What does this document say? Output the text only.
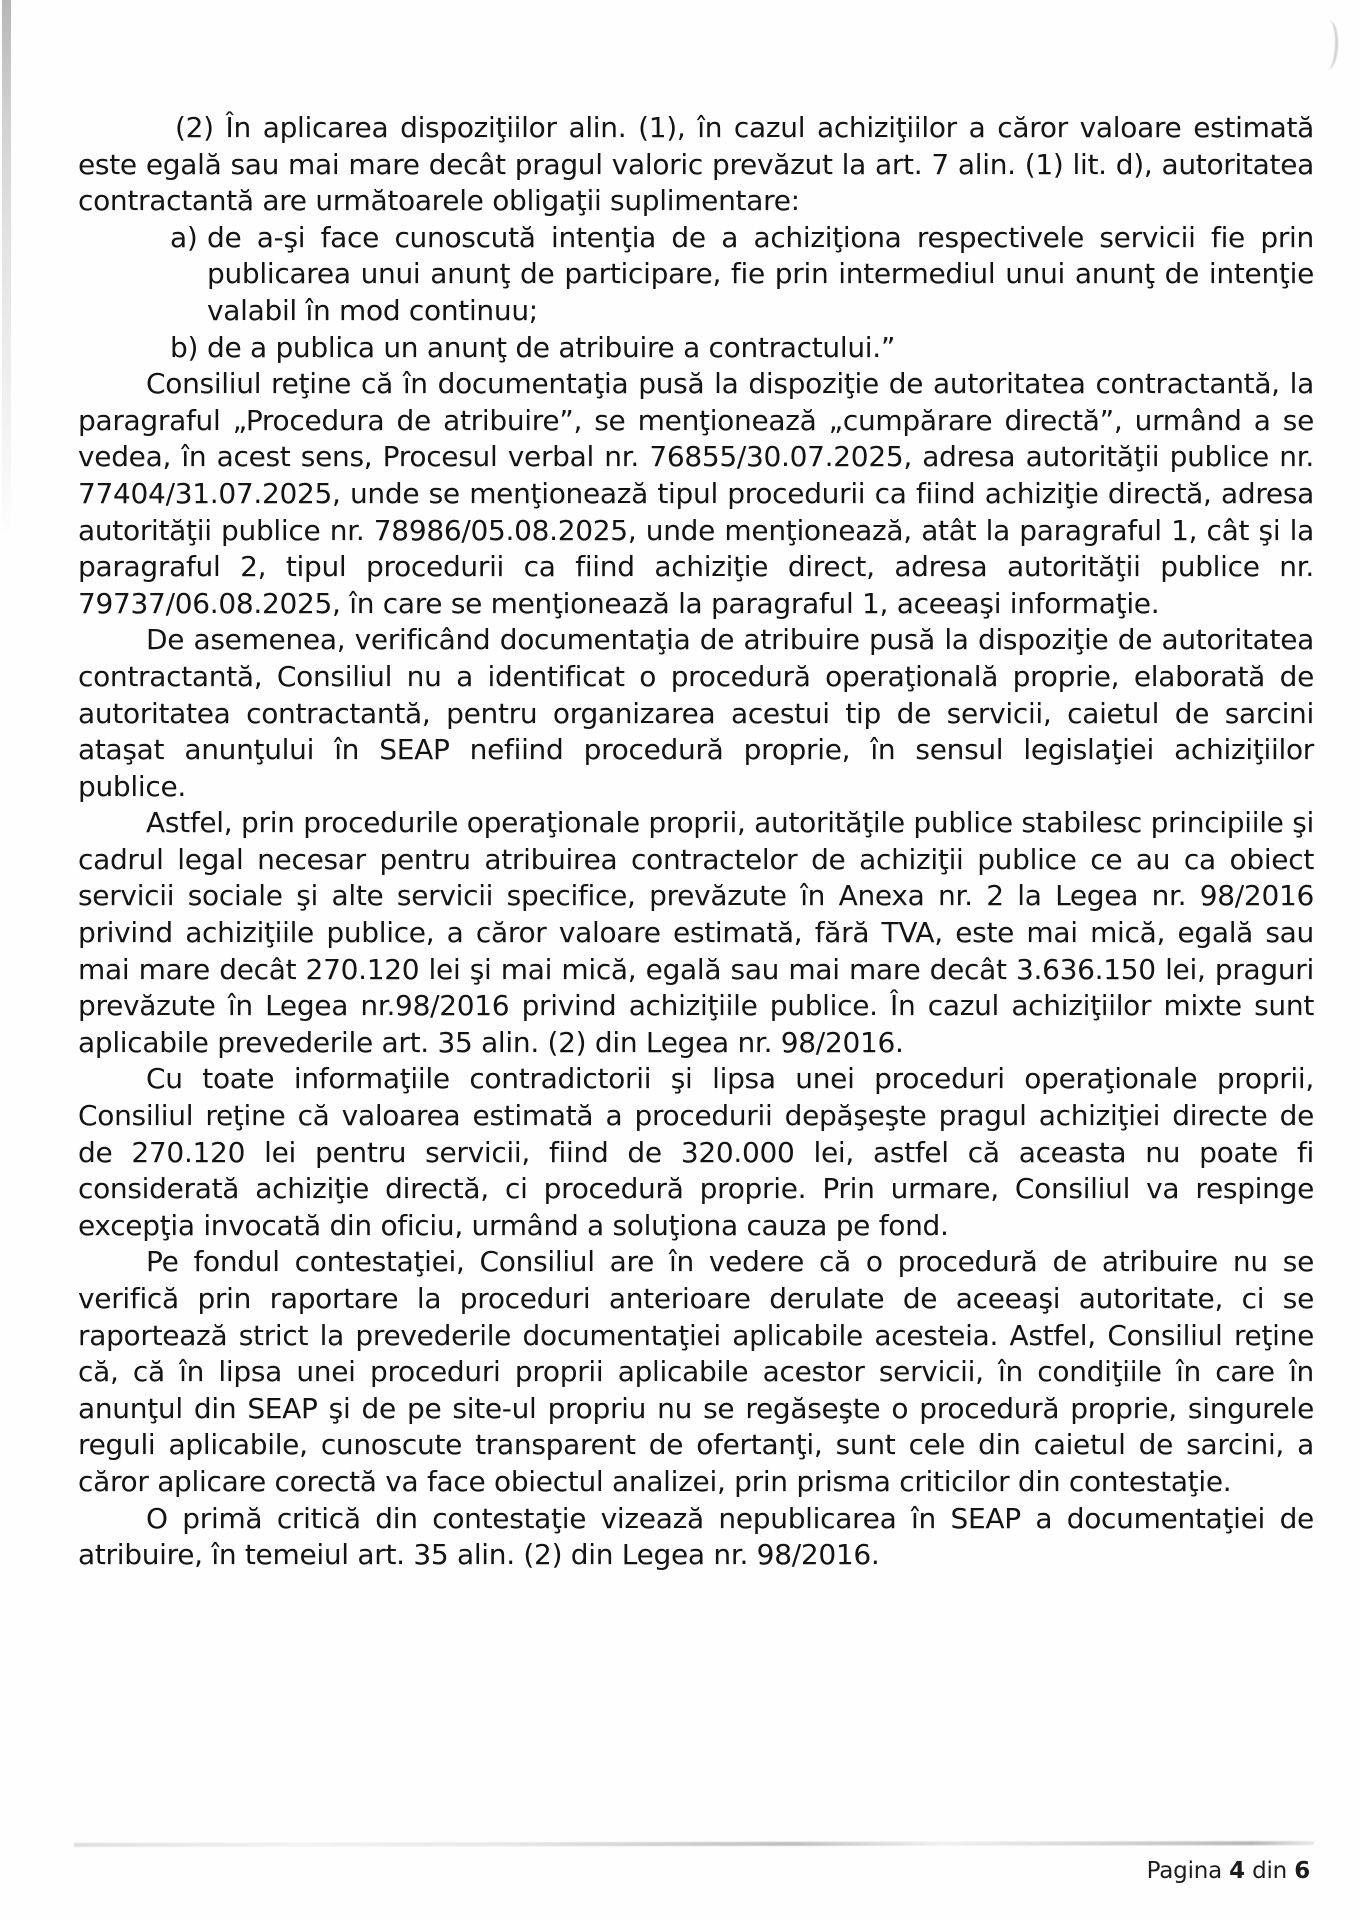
(2) În aplicarea dispoziţiilor alin. (1), în cazul achiziţiilor a căror valoare estimată este egală sau mai mare decât pragul valoric prevăzut la art. 7 alin. (1) lit. d), autoritatea contractantă are următoarele obligaţii suplimentare:

a) de a-şi face cunoscută intenţia de a achiziţiona respectivele servicii fie prin publicarea unui anunţ de participare, fie prin intermediul unui anunţ de intenţie valabil în mod continuu;
b) de a publica un anunţ de atribuire a contractului.”

Consiliul reţine că în documentaţia pusă la dispoziţie de autoritatea contractantă, la paragraful „Procedura de atribuire”, se menţionează „cumpărare directă”, urmând a se vedea, în acest sens, Procesul verbal nr. 76855/30.07.2025, adresa autorităţii publice nr. 77404/31.07.2025, unde se menţionează tipul procedurii ca fiind achiziţie directă, adresa autorităţii publice nr. 78986/05.08.2025, unde menţionează, atât la paragraful 1, cât şi la paragraful 2, tipul procedurii ca fiind achiziţie direct, adresa autorităţii publice nr. 79737/06.08.2025, în care se menţionează la paragraful 1, aceeaşi informaţie.

De asemenea, verificând documentaţia de atribuire pusă la dispoziţie de autoritatea contractantă, Consiliul nu a identificat o procedură operaţională proprie, elaborată de autoritatea contractantă, pentru organizarea acestui tip de servicii, caietul de sarcini ataşat anunţului în SEAP nefiind procedură proprie, în sensul legislaţiei achiziţiilor publice.

Astfel, prin procedurile operaţionale proprii, autorităţile publice stabilesc principiile şi cadrul legal necesar pentru atribuirea contractelor de achiziţii publice ce au ca obiect servicii sociale şi alte servicii specifice, prevăzute în Anexa nr. 2 la Legea nr. 98/2016 privind achiziţiile publice, a căror valoare estimată, fără TVA, este mai mică, egală sau mai mare decât 270.120 lei şi mai mică, egală sau mai mare decât 3.636.150 lei, praguri prevăzute în Legea nr.98/2016 privind achiziţiile publice. În cazul achiziţiilor mixte sunt aplicabile prevederile art. 35 alin. (2) din Legea nr. 98/2016.

Cu toate informaţiile contradictorii şi lipsa unei proceduri operaţionale proprii, Consiliul reţine că valoarea estimată a procedurii depăşeşte pragul achiziţiei directe de de 270.120 lei pentru servicii, fiind de 320.000 lei, astfel că aceasta nu poate fi considerată achiziţie directă, ci procedură proprie. Prin urmare, Consiliul va respinge excepţia invocată din oficiu, urmând a soluţiona cauza pe fond.

Pe fondul contestaţiei, Consiliul are în vedere că o procedură de atribuire nu se verifică prin raportare la proceduri anterioare derulate de aceeaşi autoritate, ci se raportează strict la prevederile documentaţiei aplicabile acesteia. Astfel, Consiliul reţine că, că în lipsa unei proceduri proprii aplicabile acestor servicii, în condiţiile în care în anunţul din SEAP şi de pe site-ul propriu nu se regăseşte o procedură proprie, singurele reguli aplicabile, cunoscute transparent de ofertanţi, sunt cele din caietul de sarcini, a căror aplicare corectă va face obiectul analizei, prin prisma criticilor din contestaţie.

O primă critică din contestaţie vizează nepublicarea în SEAP a documentaţiei de atribuire, în temeiul art. 35 alin. (2) din Legea nr. 98/2016.

Pagina 4 din 6
